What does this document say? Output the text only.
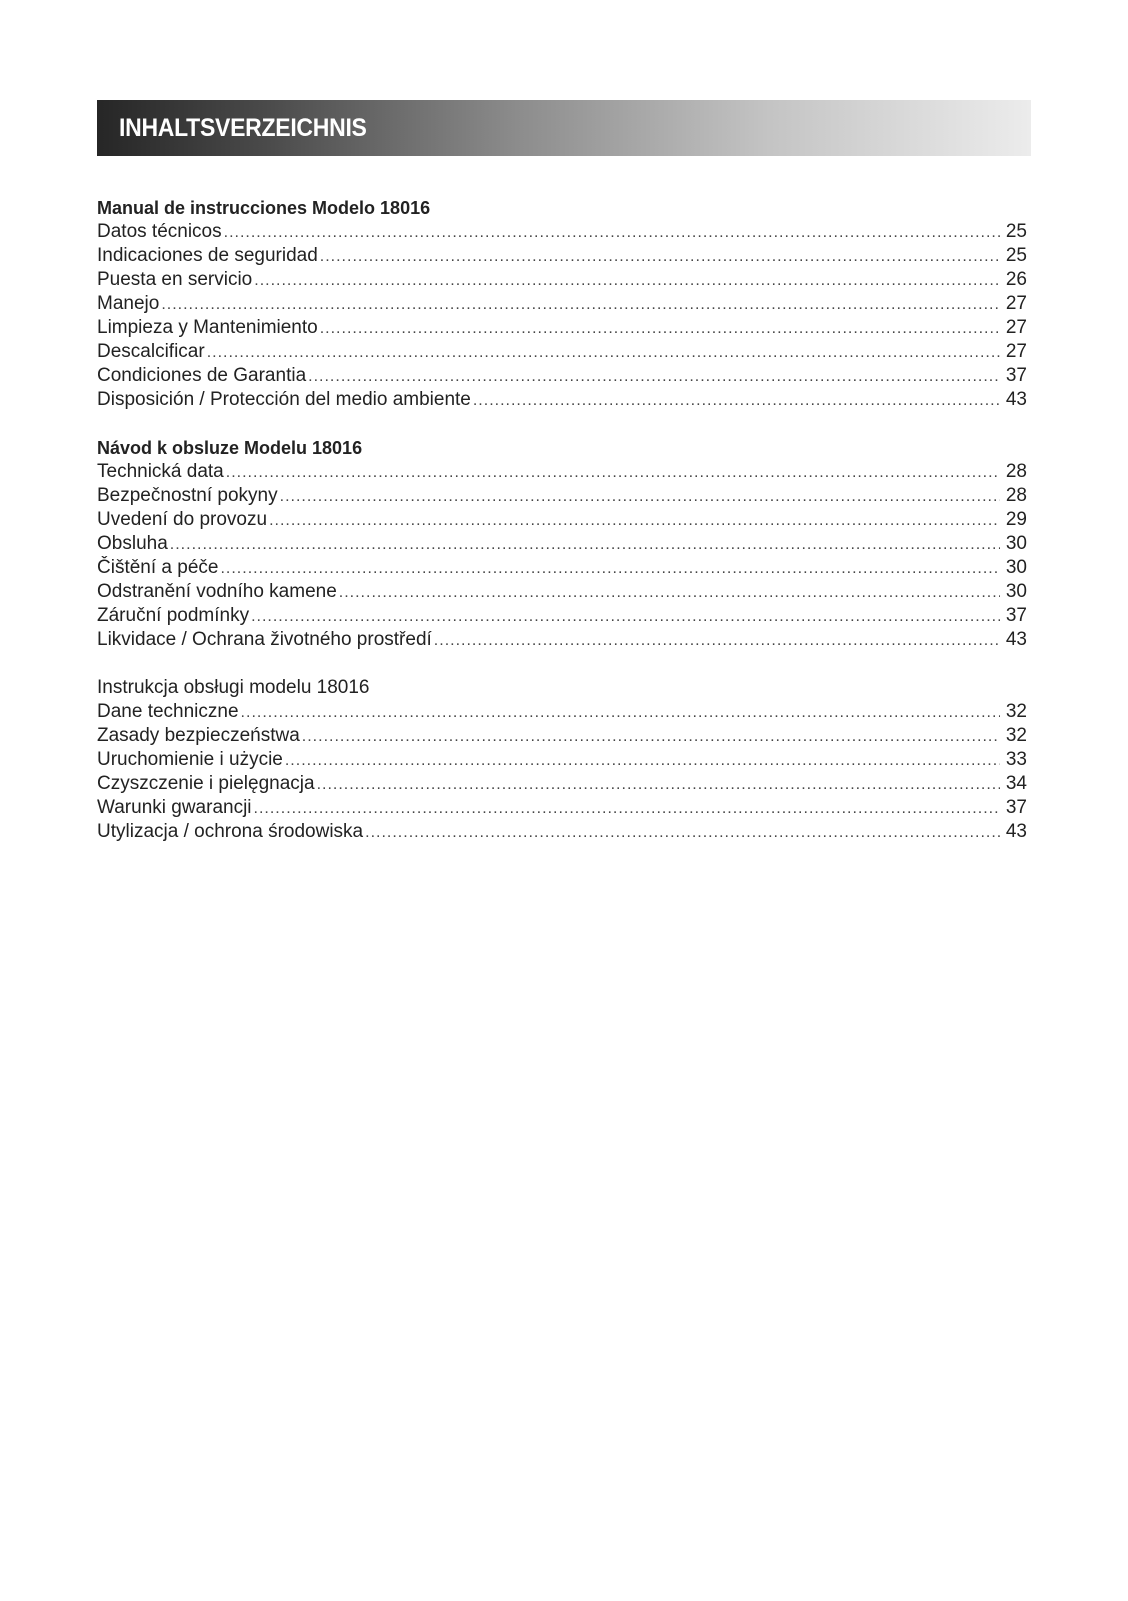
INHALTSVERZEICHNIS
Manual de instrucciones Modelo 18016
Datos técnicos .....	25
Indicaciones de seguridad .....	25
Puesta en servicio .....	26
Manejo .....	27
Limpieza y Mantenimiento .....	27
Descalcificar .....	27
Condiciones de Garantia .....	37
Disposición / Protección del medio ambiente .....	43
Návod k obsluze Modelu 18016
Technická data .....	28
Bezpečnostní pokyny .....	28
Uvedení do provozu .....	29
Obsluha .....	30
Čištění a péče .....	30
Odstranění vodního kamene .....	30
Záruční podmínky .....	37
Likvidace / Ochrana životného prostředí .....	43
Instrukcja obsługi modelu 18016
Dane techniczne .....	32
Zasady bezpieczeństwa .....	32
Uruchomienie i użycie .....	33
Czyszczenie i pielęgnacja .....	34
Warunki gwarancji .....	37
Utylizacja / ochrona środowiska .....	43
